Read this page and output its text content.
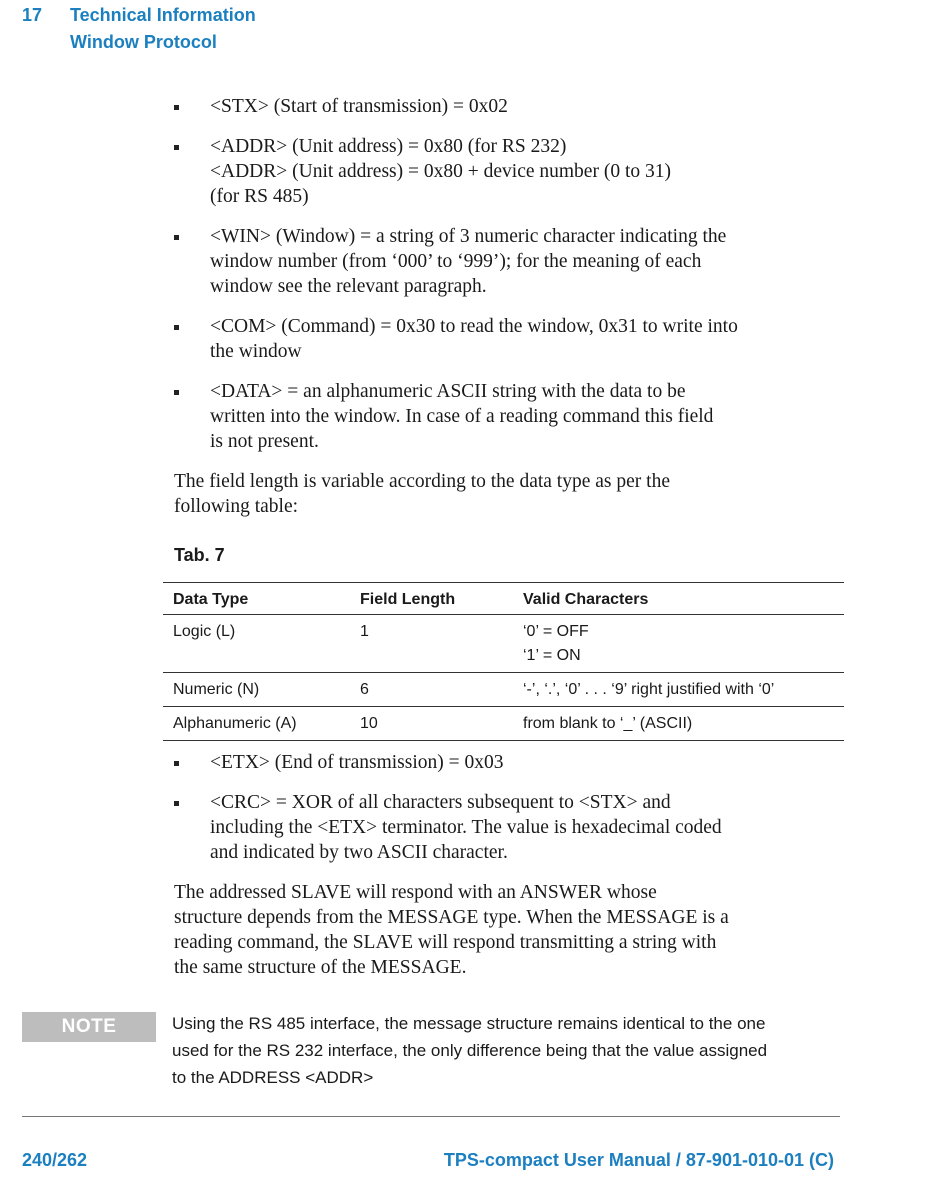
17 Technical Information
Window Protocol
<STX> (Start of transmission) = 0x02
<ADDR> (Unit address) = 0x80 (for RS 232)
<ADDR> (Unit address) = 0x80 + device number (0 to 31)
(for RS 485)
<WIN> (Window) = a string of 3 numeric character indicating the
window number (from ‘000’ to ‘999’); for the meaning of each
window see the relevant paragraph.
<COM> (Command) = 0x30 to read the window, 0x31 to write into
the window
<DATA> = an alphanumeric ASCII string with the data to be
written into the window. In case of a reading command this field
is not present.
The field length is variable according to the data type as per the
following table:
Tab. 7
Data Type	Field Length	Valid Characters
Logic (L)	1	‘0’ = OFF
‘1’ = ON

Numeric (N)	6	‘-’, ‘.’, ‘0’ . . . ‘9’ right justified with ‘0’

Alphanumeric (A)	10	from blank to ‘_’ (ASCII)
<ETX> (End of transmission) = 0x03
<CRC> = XOR of all characters subsequent to <STX> and
including the <ETX> terminator. The value is hexadecimal coded
and indicated by two ASCII character.
The addressed SLAVE will respond with an ANSWER whose
structure depends from the MESSAGE type. When the MESSAGE is a
reading command, the SLAVE will respond transmitting a string with
the same structure of the MESSAGE.
NOTE	Using the RS 485 interface, the message structure remains identical to the one
used for the RS 232 interface, the only difference being that the value assigned
to the ADDRESS <ADDR>
240/262	TPS-compact User Manual / 87-901-010-01 (C)
